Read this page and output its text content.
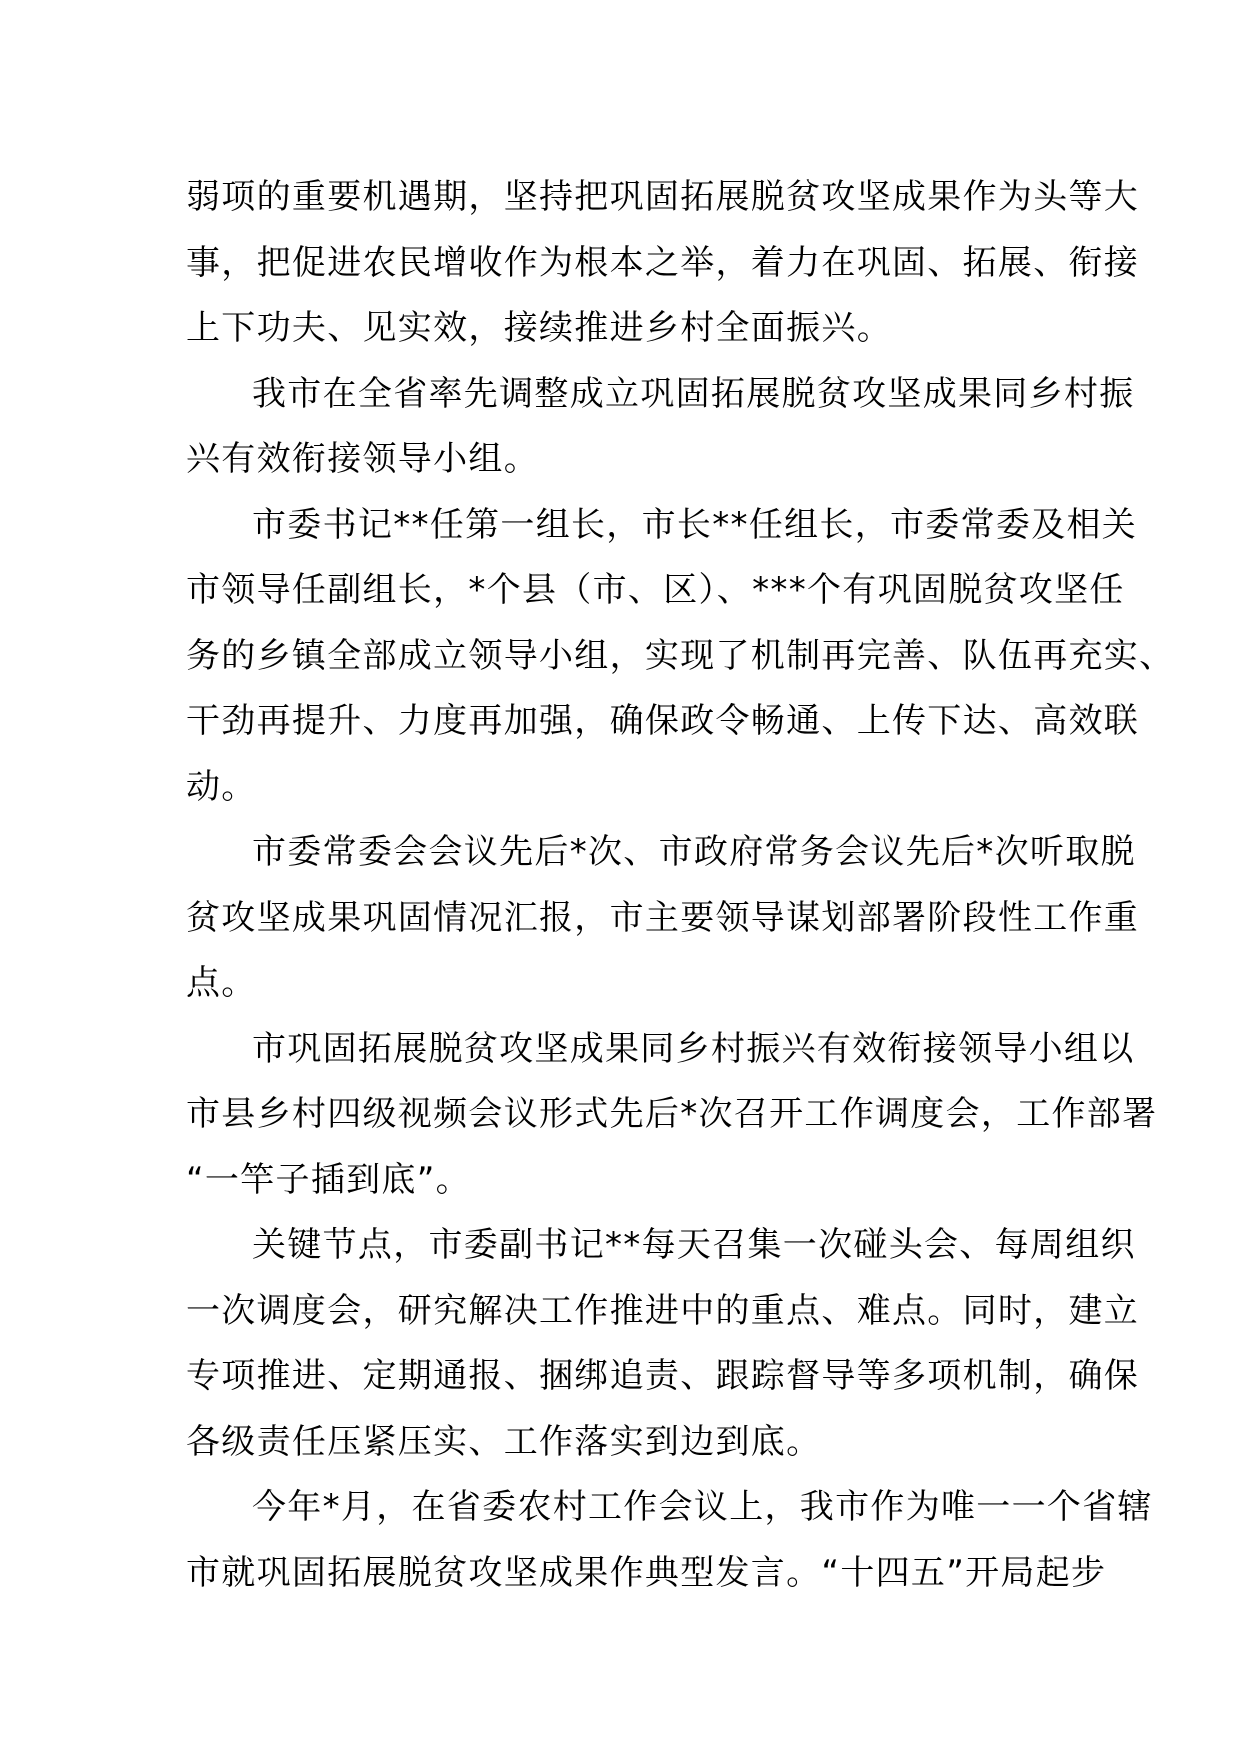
弱项的重要机遇期，坚持把巩固拓展脱贫攻坚成果作为头等大
事，把促进农民增收作为根本之举，着力在巩固、拓展、衔接
上下功夫、见实效，接续推进乡村全面振兴。
我市在全省率先调整成立巩固拓展脱贫攻坚成果同乡村振
兴有效衔接领导小组。
市委书记**任第一组长，市长**任组长，市委常委及相关
市领导任副组长，*个县（市、区）、***个有巩固脱贫攻坚任
务的乡镇全部成立领导小组，实现了机制再完善、队伍再充实、
干劲再提升、力度再加强，确保政令畅通、上传下达、高效联
动。
市委常委会会议先后*次、市政府常务会议先后*次听取脱
贫攻坚成果巩固情况汇报，市主要领导谋划部署阶段性工作重
点。
市巩固拓展脱贫攻坚成果同乡村振兴有效衔接领导小组以
市县乡村四级视频会议形式先后*次召开工作调度会，工作部署
“一竿子插到底”。
关键节点，市委副书记**每天召集一次碰头会、每周组织
一次调度会，研究解决工作推进中的重点、难点。同时，建立
专项推进、定期通报、捆绑追责、跟踪督导等多项机制，确保
各级责任压紧压实、工作落实到边到底。
今年*月，在省委农村工作会议上，我市作为唯一一个省辖
市就巩固拓展脱贫攻坚成果作典型发言。“十四五”开局起步
